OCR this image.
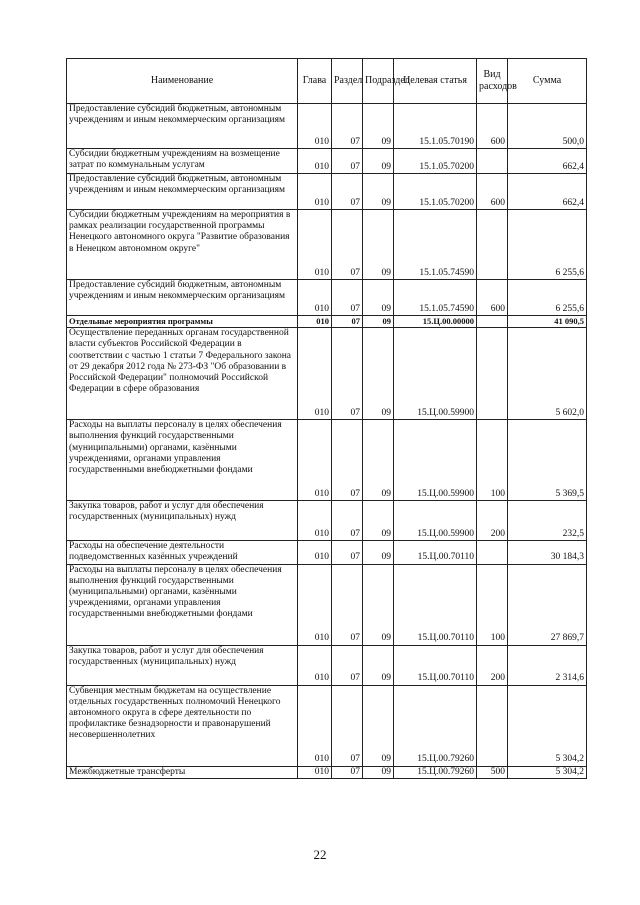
Наименование	Глава	Раздел	Подраздел	Целевая статья	Вид расходов	Сумма
Предоставление субсидий бюджетным, автономным учреждениям и иным некоммерческим организациям	010	07	09	15.1.05.70190	600	500,0
Субсидии бюджетным учреждениям на возмещение затрат по коммунальным услугам	010	07	09	15.1.05.70200		662,4
Предоставление субсидий бюджетным, автономным учреждениям и иным некоммерческим организациям	010	07	09	15.1.05.70200	600	662,4
Субсидии бюджетным учреждениям на мероприятия в рамках реализации государственной программы Ненецкого автономного округа "Развитие образования в Ненецком автономном округе"	010	07	09	15.1.05.74590		6 255,6
Предоставление субсидий бюджетным, автономным учреждениям и иным некоммерческим организациям	010	07	09	15.1.05.74590	600	6 255,6
Отдельные мероприятия программы	010	07	09	15.Ц.00.00000		41 090,5
Осуществление переданных органам государственной власти субъектов Российской Федерации в соответствии с частью 1 статьи 7 Федерального закона от 29 декабря 2012 года № 273-ФЗ "Об образовании в Российской Федерации" полномочий Российской Федерации в сфере образования	010	07	09	15.Ц.00.59900		5 602,0
Расходы на выплаты персоналу в целях обеспечения выполнения функций государственными (муниципальными) органами, казёнными учреждениями, органами управления государственными внебюджетными фондами	010	07	09	15.Ц.00.59900	100	5 369,5
Закупка товаров, работ и услуг для обеспечения государственных (муниципальных) нужд	010	07	09	15.Ц.00.59900	200	232,5
Расходы на обеспечение деятельности подведомственных казённых учреждений	010	07	09	15.Ц.00.70110		30 184,3
Расходы на выплаты персоналу в целях обеспечения выполнения функций государственными (муниципальными) органами, казёнными учреждениями, органами управления государственными внебюджетными фондами	010	07	09	15.Ц.00.70110	100	27 869,7
Закупка товаров, работ и услуг для обеспечения государственных (муниципальных) нужд	010	07	09	15.Ц.00.70110	200	2 314,6
Субвенция местным бюджетам на осуществление отдельных государственных полномочий Ненецкого автономного округа в сфере деятельности по профилактике безнадзорности и правонарушений несовершеннолетних	010	07	09	15.Ц.00.79260		5 304,2
Межбюджетные трансферты	010	07	09	15.Ц.00.79260	500	5 304,2
22
